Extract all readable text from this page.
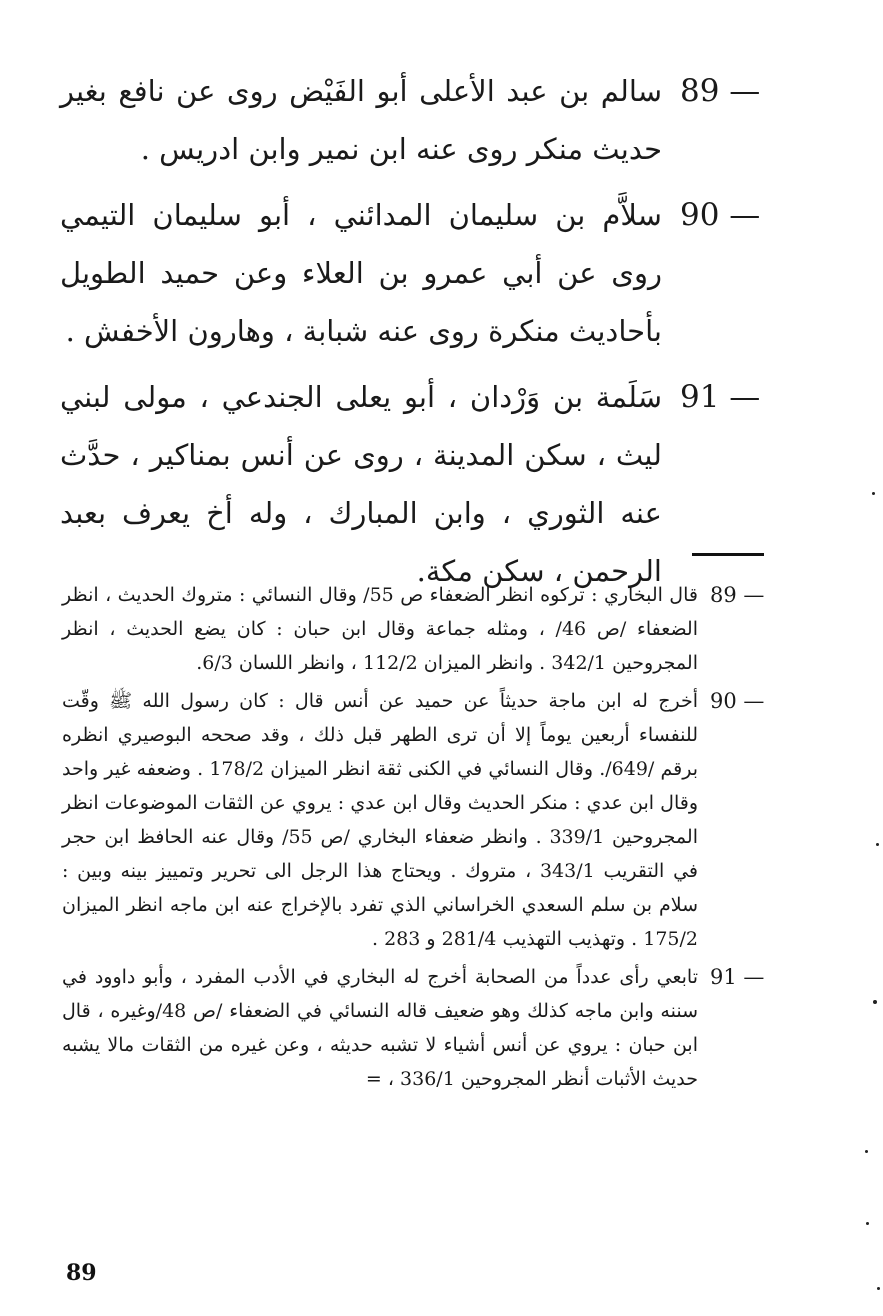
89 —
سالم بن عبد الأعلى أبو الفَيْض روى عن نافع بغير حديث منكر روى عنه ابن نمير وابن ادريس .
90 —
سلاَّم بن سليمان المدائني ، أبو سليمان التيمي روى عن أبي عمرو بن العلاء وعن حميد الطويل بأحاديث منكرة روى عنه شبابة ، وهارون الأخفش .
91 —
سَلَمة بن وَرْدان ، أبو يعلى الجندعي ، مولى لبني ليث ، سكن المدينة ، روى عن أنس بمناكير ، حدَّث عنه الثوري ، وابن المبارك ، وله أخ يعرف بعبد الرحمن ، سكن مكة.
89 —
قال البخاري : تركوه انظر الضعفاء ص 55/ وقال النسائي : متروك الحديث ، انظر الضعفاء /ص 46/ ، ومثله جماعة وقال ابن حبان : كان يضع الحديث ، انظر المجروحين 342/1 . وانظر الميزان 112/2 ، وانظر اللسان 6/3.
90 —
أخرج له ابن ماجة حديثاً عن حميد عن أنس قال : كان رسول الله ﷺ وقّت للنفساء أربعين يوماً إلا أن ترى الطهر قبل ذلك ، وقد صححه البوصيري انظره برقم /649/. وقال النسائي في الكنى ثقة انظر الميزان 178/2 . وضعفه غير واحد وقال ابن عدي : منكر الحديث وقال ابن عدي : يروي عن الثقات الموضوعات انظر المجروحين 339/1 . وانظر ضعفاء البخاري /ص 55/ وقال عنه الحافظ ابن حجر في التقريب 343/1 ، متروك . ويحتاج هذا الرجل الى تحرير وتمييز بينه وبين : سلام بن سلم السعدي الخراساني الذي تفرد بالإخراج عنه ابن ماجه انظر الميزان 175/2 . وتهذيب التهذيب 281/4 و 283 .
91 —
تابعي رأى عدداً من الصحابة أخرج له البخاري في الأدب المفرد ، وأبو داوود في سننه وابن ماجه كذلك وهو ضعيف قاله النسائي في الضعفاء /ص 48/وغيره ، قال ابن حبان : يروي عن أنس أشياء لا تشبه حديثه ، وعن غيره من الثقات مالا يشبه حديث الأثبات أنظر المجروحين 336/1 ، =
89
